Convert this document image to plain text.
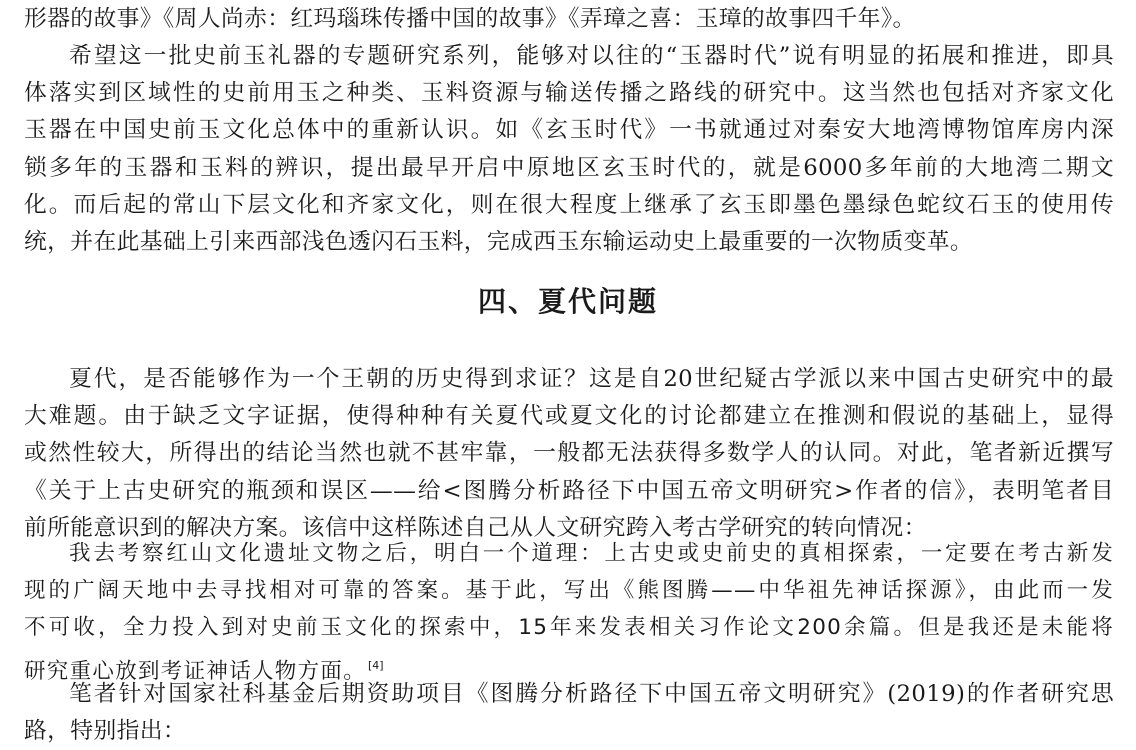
形器的故事》《周人尚赤：红玛瑙珠传播中国的故事》《弄璋之喜：玉璋的故事四千年》。

希望这一批史前玉礼器的专题研究系列，能够对以往的“玉器时代”说有明显的拓展和推进，即具
体落实到区域性的史前用玉之种类、玉料资源与输送传播之路线的研究中。这当然也包括对齐家文化
玉器在中国史前玉文化总体中的重新认识。如《玄玉时代》一书就通过对秦安大地湾博物馆库房内深
锁多年的玉器和玉料的辨识，提出最早开启中原地区玄玉时代的，就是6000多年前的大地湾二期文
化。而后起的常山下层文化和齐家文化，则在很大程度上继承了玄玉即墨色墨绿色蛇纹石玉的使用传
统，并在此基础上引来西部浅色透闪石玉料，完成西玉东输运动史上最重要的一次物质变革。

四、夏代问题

夏代，是否能够作为一个王朝的历史得到求证？这是自20世纪疑古学派以来中国古史研究中的最
大难题。由于缺乏文字证据，使得种种有关夏代或夏文化的讨论都建立在推测和假说的基础上，显得
或然性较大，所得出的结论当然也就不甚牢靠，一般都无法获得多数学人的认同。对此，笔者新近撰写
《关于上古史研究的瓶颈和误区——给<图腾分析路径下中国五帝文明研究>作者的信》，表明笔者目
前所能意识到的解决方案。该信中这样陈述自己从人文研究跨入考古学研究的转向情况：

我去考察红山文化遗址文物之后，明白一个道理：上古史或史前史的真相探索，一定要在考古新发
现的广阔天地中去寻找相对可靠的答案。基于此，写出《熊图腾——中华祖先神话探源》，由此而一发
不可收，全力投入到对史前玉文化的探索中，15年来发表相关习作论文200余篇。但是我还是未能将
研究重心放到考证神话人物方面。 [4]

笔者针对国家社科基金后期资助项目《图腾分析路径下中国五帝文明研究》(2019)的作者研究思
路，特别指出：
